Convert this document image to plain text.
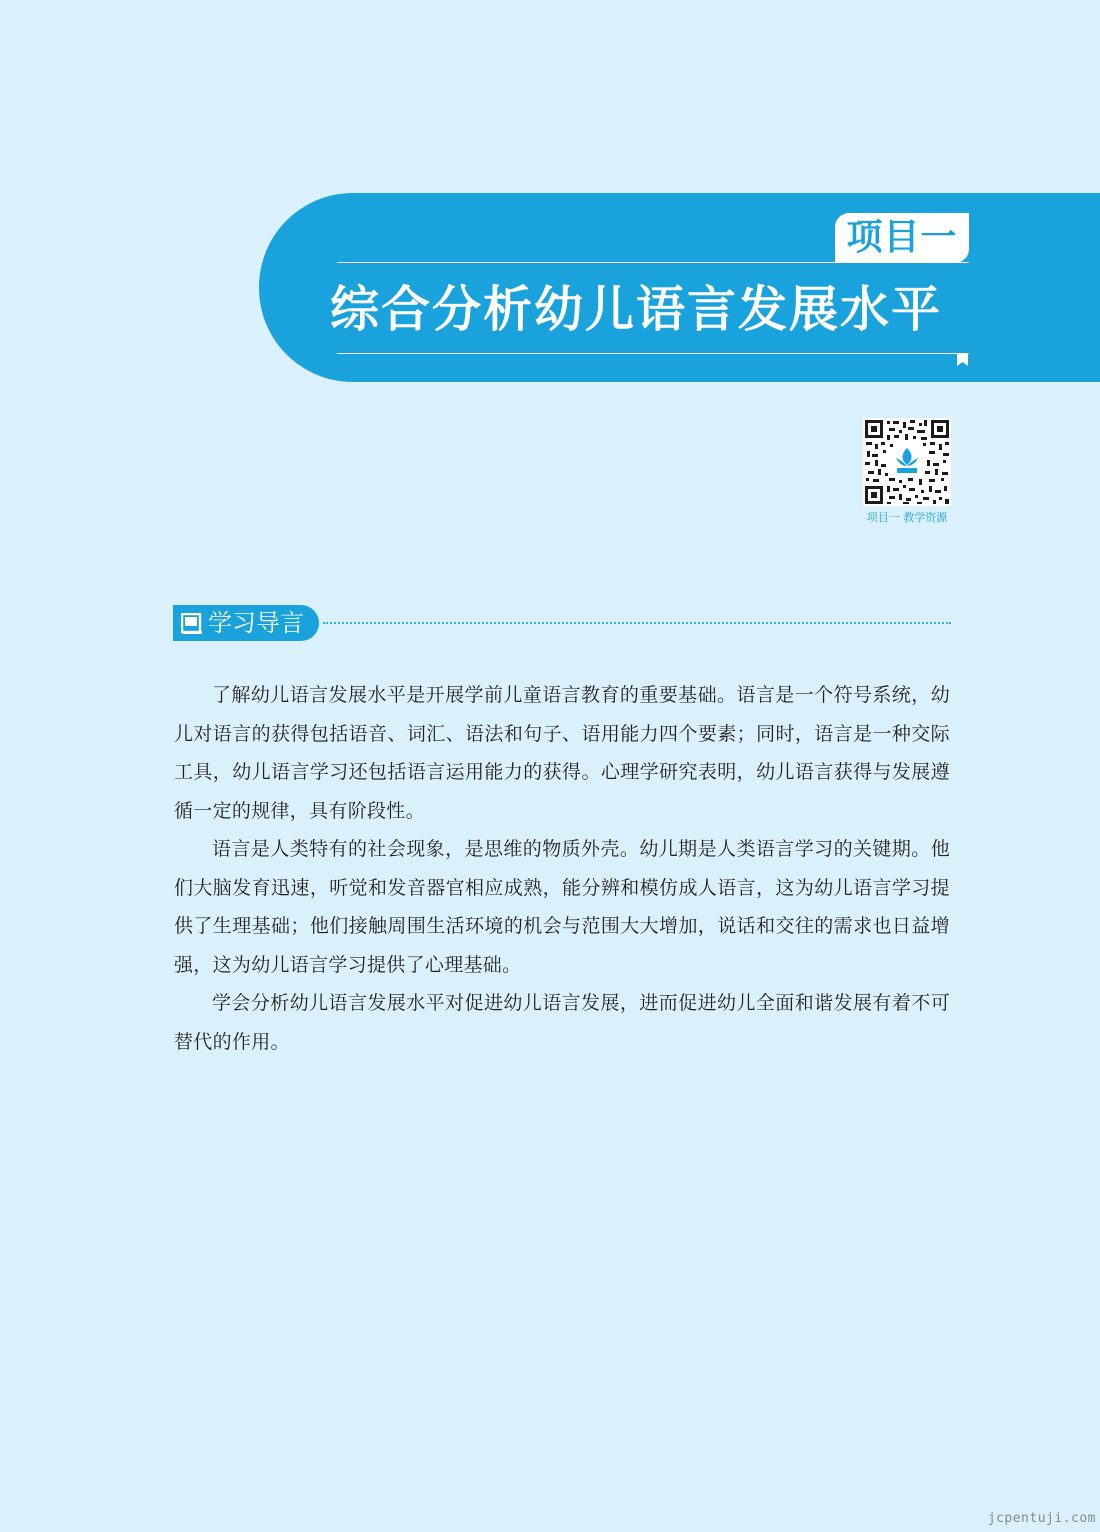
项目一
综合分析幼儿语言发展水平
项目一 教学资源
学习导言

了解幼儿语言发展水平是开展学前儿童语言教育的重要基础。语言是一个符号系统，幼儿对语言的获得包括语音、词汇、语法和句子、语用能力四个要素；同时，语言是一种交际工具，幼儿语言学习还包括语言运用能力的获得。心理学研究表明，幼儿语言获得与发展遵循一定的规律，具有阶段性。

语言是人类特有的社会现象，是思维的物质外壳。幼儿期是人类语言学习的关键期。他们大脑发育迅速，听觉和发音器官相应成熟，能分辨和模仿成人语言，这为幼儿语言学习提供了生理基础；他们接触周围生活环境的机会与范围大大增加，说话和交往的需求也日益增强，这为幼儿语言学习提供了心理基础。

学会分析幼儿语言发展水平对促进幼儿语言发展，进而促进幼儿全面和谐发展有着不可替代的作用。

jcpentuji.com
